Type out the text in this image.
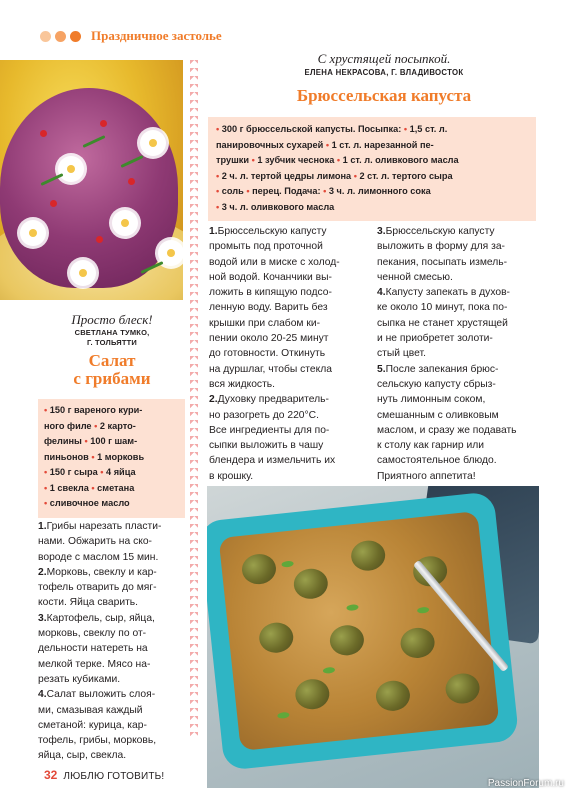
Праздничное застолье
Просто блеск!
СВЕТЛАНА ТУМКО,
Г. ТОЛЬЯТТИ
Салат
с грибами
• 150 г вареного кури-
ного филе • 2 карто-
фелины • 100 г шам-
пиньонов • 1 морковь
• 150 г сыра • 4 яйца
• 1 свекла • сметана
• сливочное масло

1.Грибы нарезать пласти-

нами. Обжарить на ско-

вороде с маслом 15 мин.

2.Морковь, свеклу и кар-

тофель отварить до мяг-

кости. Яйца сварить.

3.Картофель, сыр, яйца,

морковь, свеклу по от-

дельности натереть на

мелкой терке. Мясо на-

резать кубиками.

4.Салат выложить слоя-

ми, смазывая каждый

сметаной: курица, кар-

тофель, грибы, морковь,

яйца, сыр, свекла.

С хрустящей посыпкой.
ЕЛЕНА НЕКРАСОВА, Г. ВЛАДИВОСТОК
Брюссельская капуста
• 300 г брюссельской капусты. Посыпка: • 1,5 ст. л.
панировочных сухарей • 1 ст. л. нарезанной пе-
трушки • 1 зубчик чеснока • 1 ст. л. оливкового масла
• 2 ч. л. тертой цедры лимона • 2 ст. л. тертого сыра
• соль • перец. Подача: • 3 ч. л. лимонного сока
• 3 ч. л. оливкового масла

1.Брюссельскую капусту

промыть под проточной

водой или в миске с холод-

ной водой. Кочанчики вы-

ложить в кипящую подсо-

ленную воду. Варить без

крышки при слабом ки-

пении около 20-25 минут

до готовности. Откинуть

на дуршлаг, чтобы стекла

вся жидкость.

2.Духовку предваритель-

но разогреть до 220°С.

Все ингредиенты для по-

сыпки выложить в чашу

блендера и измельчить их

в крошку.

3.Брюссельскую капусту

выложить в форму для за-

пекания, посыпать измель-

ченной смесью.

4.Капусту запекать в духов-

ке около 10 минут, пока по-

сыпка не станет хрустящей

и не приобретет золоти-

стый цвет.

5.После запекания брюс-

сельскую капусту сбрыз-

нуть лимонным соком,

смешанным с оливковым

маслом, и сразу же подавать

к столу как гарнир или

самостоятельное блюдо.

Приятного аппетита!

32 ЛЮБЛЮ ГОТОВИТЬ!
PassionForum.ru
